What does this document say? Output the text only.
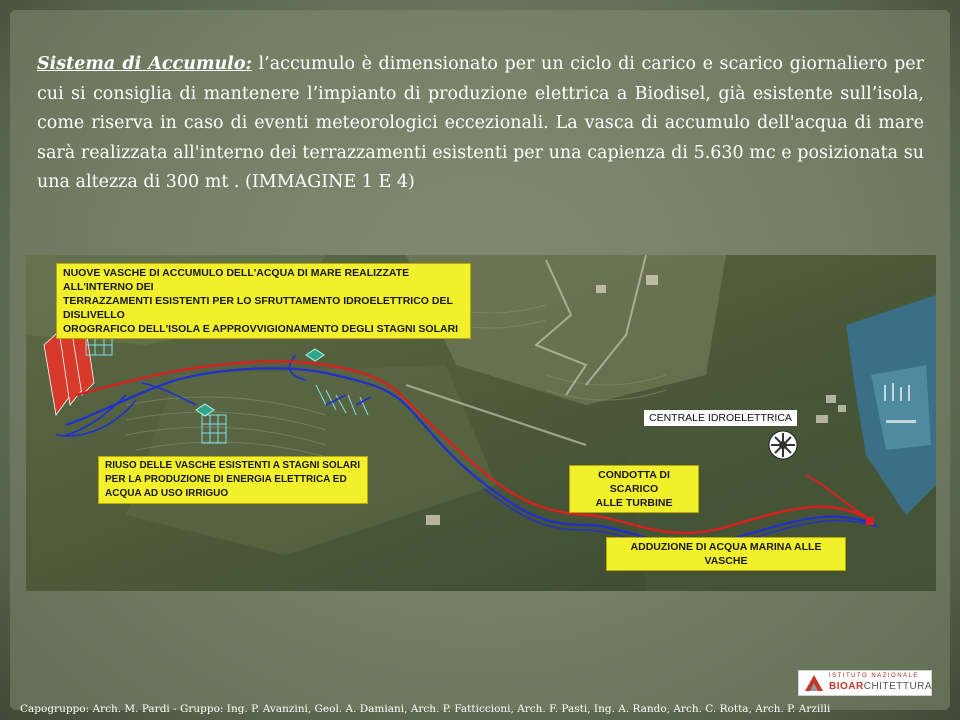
Sistema di Accumulo: l’accumulo è dimensionato per un ciclo di carico e scarico giornaliero per cui si consiglia di mantenere l’impianto di produzione elettrica a Biodisel, già esistente sull’isola, come riserva in caso di eventi meteorologici eccezionali. La vasca di accumulo dell'acqua di mare sarà realizzata all'interno dei terrazzamenti esistenti per una capienza di 5.630 mc e posizionata su una altezza di 300 mt . (IMMAGINE 1 E 4)
NUOVE VASCHE DI ACCUMULO DELL'ACQUA DI MARE REALIZZATE ALL'INTERNO DEI
TERRAZZAMENTI ESISTENTI PER LO SFRUTTAMENTO IDROELETTRICO DEL DISLIVELLO
OROGRAFICO DELL'ISOLA E APPROVVIGIONAMENTO DEGLI STAGNI SOLARI
RIUSO DELLE VASCHE ESISTENTI A STAGNI SOLARI
PER LA PRODUZIONE DI ENERGIA ELETTRICA ED
ACQUA AD USO IRRIGUO
CENTRALE IDROELETTRICA
CONDOTTA DI SCARICO
ALLE TURBINE
ADDUZIONE DI ACQUA MARINA ALLE VASCHE
ISTITUTO NAZIONALE
BIOARCHITETTURA
Capogruppo: Arch. M. Pardi - Gruppo: Ing. P. Avanzini, Geol. A. Damiani, Arch. P. Fatticcioni, Arch. F. Pasti, Ing. A. Rando, Arch. C. Rotta, Arch. P. Arzilli
